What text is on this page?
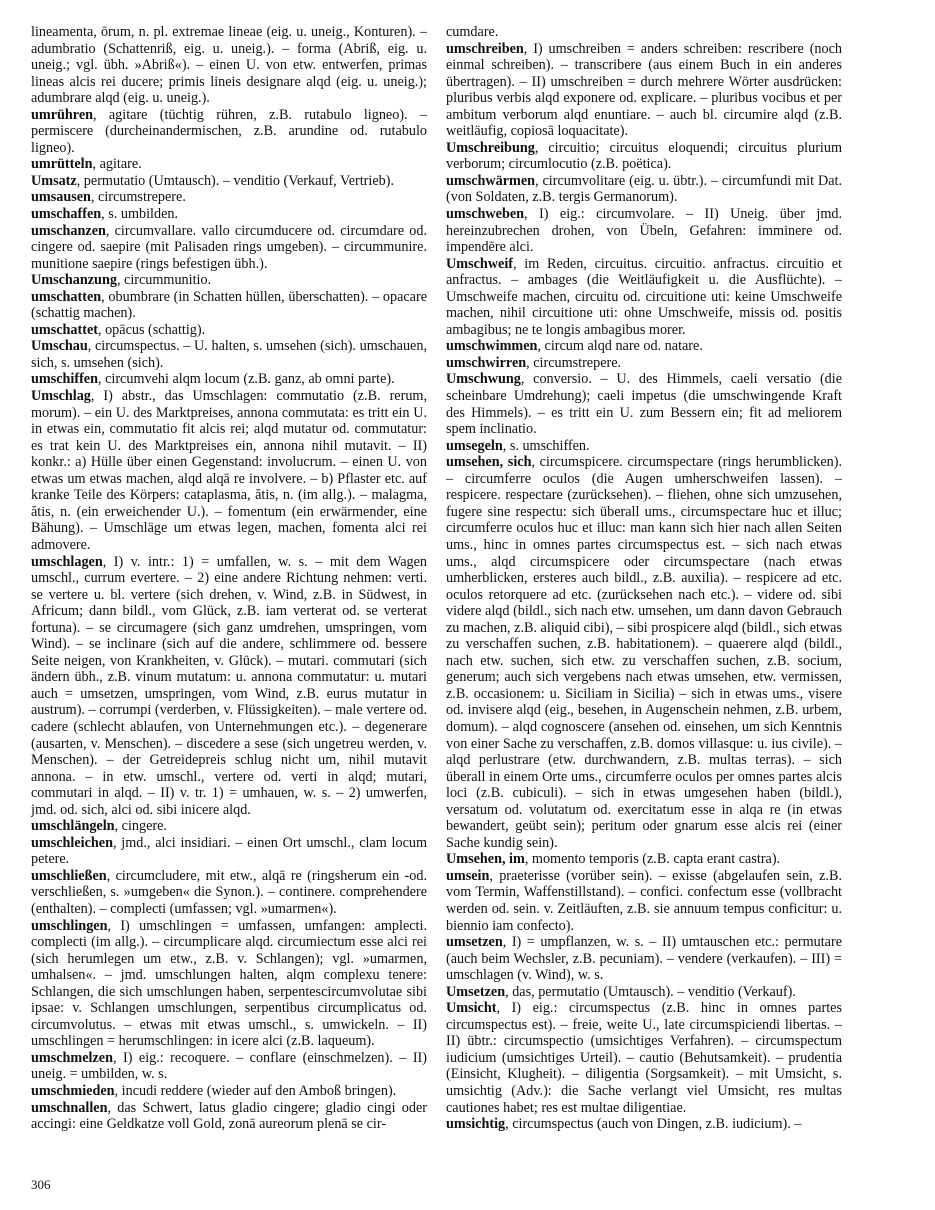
lineamenta, ōrum, n. pl. extremae lineae (eig. u. uneig., Konturen). – adumbratio (Schattenriß, eig. u. uneig.). – forma (Abriß, eig. u. uneig.; vgl. übh. »Abriß«). – einen U. von etw. entwerfen, primas lineas alcis rei ducere; primis lineis designare alqd (eig. u. uneig.); adumbrare alqd (eig. u. uneig.).

umrühren, agitare (tüchtig rühren, z.B. rutabulo ligneo). – permiscere (durcheinandermischen, z.B. arundine od. rutabulo ligneo).

umrütteln, agitare.

Umsatz, permutatio (Umtausch). – venditio (Verkauf, Vertrieb).

umsausen, circumstrepere.

umschaffen, s. umbilden.

umschanzen, circumvallare. vallo circumducere od. circumdare od. cingere od. saepire (mit Palisaden rings umgeben). – circummunire. munitione saepire (rings befestigen übh.).

Umschanzung, circummunitio.

umschatten, obumbrare (in Schatten hüllen, überschatten). – opacare (schattig machen).

umschattet, opācus (schattig).

Umschau, circumspectus. – U. halten, s. umsehen (sich). umschauen, sich, s. umsehen (sich).

umschiffen, circumvehi alqm locum (z.B. ganz, ab omni parte).

Umschlag, I) abstr., das Umschlagen: commutatio (z.B. rerum, morum). – ein U. des Marktpreises, annona commutata: es tritt ein U. in etwas ein, commutatio fit alcis rei; alqd mutatur od. commutatur: es trat kein U. des Marktpreises ein, annona nihil mutavit. – II) konkr.: a) Hülle über einen Gegenstand: involucrum. – einen U. von etwas um etwas machen, alqd alqā re involvere. – b) Pflaster etc. auf kranke Teile des Körpers: cataplasma, ătis, n. (im allg.). – malagma, ătis, n. (ein erweichender U.). – fomentum (ein erwärmender, eine Bähung). – Umschläge um etwas legen, machen, fomenta alci rei admovere.

umschlagen, I) v. intr.: 1) = umfallen, w. s. – mit dem Wagen umschl., currum evertere. – 2) eine andere Richtung nehmen: verti. se vertere u. bl. vertere (sich drehen, v. Wind, z.B. in Südwest, in Africum; dann bildl., vom Glück, z.B. iam verterat od. se verterat fortuna). – se circumagere (sich ganz umdrehen, umspringen, vom Wind). – se inclinare (sich auf die andere, schlimmere od. bessere Seite neigen, von Krankheiten, v. Glück). – mutari. commutari (sich ändern übh., z.B. vinum mutatum: u. annona commutatur: u. mutari auch = umsetzen, umspringen, vom Wind, z.B. eurus mutatur in austrum). – corrumpi (verderben, v. Flüssigkeiten). – male vertere od. cadere (schlecht ablaufen, von Unternehmungen etc.). – degenerare (ausarten, v. Menschen). – discedere a sese (sich ungetreu werden, v. Menschen). – der Getreidepreis schlug nicht um, nihil mutavit annona. – in etw. umschl., vertere od. verti in alqd; mutari, commutari in alqd. – II) v. tr. 1) = umhauen, w. s. – 2) umwerfen, jmd. od. sich, alci od. sibi inicere alqd.

umschlängeln, cingere.

umschleichen, jmd., alci insidiari. – einen Ort umschl., clam locum petere.

umschließen, circumcludere, mit etw., alqā re (ringsherum ein -od. verschließen, s. »umgeben« die Synon.). – continere. comprehendere (enthalten). – complecti (umfassen; vgl. »umarmen«).

umschlingen, I) umschlingen = umfassen, umfangen: amplecti. complecti (im allg.). – circumplicare alqd. circumiectum esse alci rei (sich herumlegen um etw., z.B. v. Schlangen); vgl. »umarmen, umhalsen«. – jmd. umschlungen halten, alqm complexu tenere: Schlangen, die sich umschlungen haben, serpentescircumvolutae sibi ipsae: v. Schlangen umschlungen, serpentibus circumplicatus od. circumvolutus. – etwas mit etwas umschl., s. umwickeln. – II) umschlingen = herumschlingen: in icere alci (z.B. laqueum).

umschmelzen, I) eig.: recoquere. – conflare (einschmelzen). – II) uneig. = umbilden, w. s.

umschmieden, incudi reddere (wieder auf den Amboß bringen).

umschnallen, das Schwert, latus gladio cingere; gladio cingi oder accingi: eine Geldkatze voll Gold, zonā aureorum plenā se cir-

cumdare.

umschreiben, I) umschreiben = anders schreiben: rescribere (noch einmal schreiben). – transcribere (aus einem Buch in ein anderes übertragen). – II) umschreiben = durch mehrere Wörter ausdrücken: pluribus verbis alqd exponere od. explicare. – pluribus vocibus et per ambitum verborum alqd enuntiare. – auch bl. circumire alqd (z.B. weitläufig, copiosā loquacitate).

Umschreibung, circuitio; circuitus eloquendi; circuitus plurium verborum; circumlocutio (z.B. poëtica).

umschwärmen, circumvolitare (eig. u. übtr.). – circumfundi mit Dat. (von Soldaten, z.B. tergis Germanorum).

umschweben, I) eig.: circumvolare. – II) Uneig. über jmd. hereinzubrechen drohen, von Übeln, Gefahren: imminere od. impendēre alci.

Umschweif, im Reden, circuitus. circuitio. anfractus. circuitio et anfractus. – ambages (die Weitläufigkeit u. die Ausflüchte). – Umschweife machen, circuitu od. circuitione uti: keine Umschweife machen, nihil circuitione uti: ohne Umschweife, missis od. positis ambagibus; ne te longis ambagibus morer.

umschwimmen, circum alqd nare od. natare.

umschwirren, circumstrepere.

Umschwung, conversio. – U. des Himmels, caeli versatio (die scheinbare Umdrehung); caeli impetus (die umschwingende Kraft des Himmels). – es tritt ein U. zum Bessern ein; fit ad meliorem spem inclinatio.

umsegeln, s. umschiffen.

umsehen, sich, circumspicere. circumspectare (rings herumblicken). – circumferre oculos (die Augen umherschweifen lassen). – respicere. respectare (zurücksehen). – fliehen, ohne sich umzusehen, fugere sine respectu: sich überall ums., circumspectare huc et illuc; circumferre oculos huc et illuc: man kann sich hier nach allen Seiten ums., hinc in omnes partes circumspectus est. – sich nach etwas ums., alqd circumspicere oder circumspectare (nach etwas umherblicken, ersteres auch bildl., z.B. auxilia). – respicere ad etc. oculos retorquere ad etc. (zurücksehen nach etc.). – videre od. sibi videre alqd (bildl., sich nach etw. umsehen, um dann davon Gebrauch zu machen, z.B. aliquid cibi), – sibi prospicere alqd (bildl., sich etwas zu verschaffen suchen, z.B. habitationem). – quaerere alqd (bildl., nach etw. suchen, sich etw. zu verschaffen suchen, z.B. socium, generum; auch sich vergebens nach etwas umsehen, etw. vermissen, z.B. occasionem: u. Siciliam in Sicilia) – sich in etwas ums., visere od. invisere alqd (eig., besehen, in Augenschein nehmen, z.B. urbem, domum). – alqd cognoscere (ansehen od. einsehen, um sich Kenntnis von einer Sache zu verschaffen, z.B. domos villasque: u. ius civile). – alqd perlustrare (etw. durchwandern, z.B. multas terras). – sich überall in einem Orte ums., circumferre oculos per omnes partes alcis loci (z.B. cubiculi). – sich in etwas umgesehen haben (bildl.), versatum od. volutatum od. exercitatum esse in alqa re (in etwas bewandert, geübt sein); peritum oder gnarum esse alcis rei (einer Sache kundig sein).

Umsehen, im, momento temporis (z.B. capta erant castra).

umsein, praeterisse (vorüber sein). – exisse (abgelaufen sein, z.B. vom Termin, Waffenstillstand). – confici. confectum esse (vollbracht werden od. sein. v. Zeitläuften, z.B. sie annuum tempus conficitur: u. biennio iam confecto).

umsetzen, I) = umpflanzen, w. s. – II) umtauschen etc.: permutare (auch beim Wechsler, z.B. pecuniam). – vendere (verkaufen). – III) = umschlagen (v. Wind), w. s.

Umsetzen, das, permutatio (Umtausch). – venditio (Verkauf).

Umsicht, I) eig.: circumspectus (z.B. hinc in omnes partes circumspectus est). – freie, weite U., late circumspiciendi libertas. – II) übtr.: circumspectio (umsichtiges Verfahren). – circumspectum iudicium (umsichtiges Urteil). – cautio (Behutsamkeit). – prudentia (Einsicht, Klugheit). – diligentia (Sorgsamkeit). – mit Umsicht, s. umsichtig (Adv.): die Sache verlangt viel Umsicht, res multas cautiones habet; res est multae diligentiae.

umsichtig, circumspectus (auch von Dingen, z.B. iudicium). –

306
